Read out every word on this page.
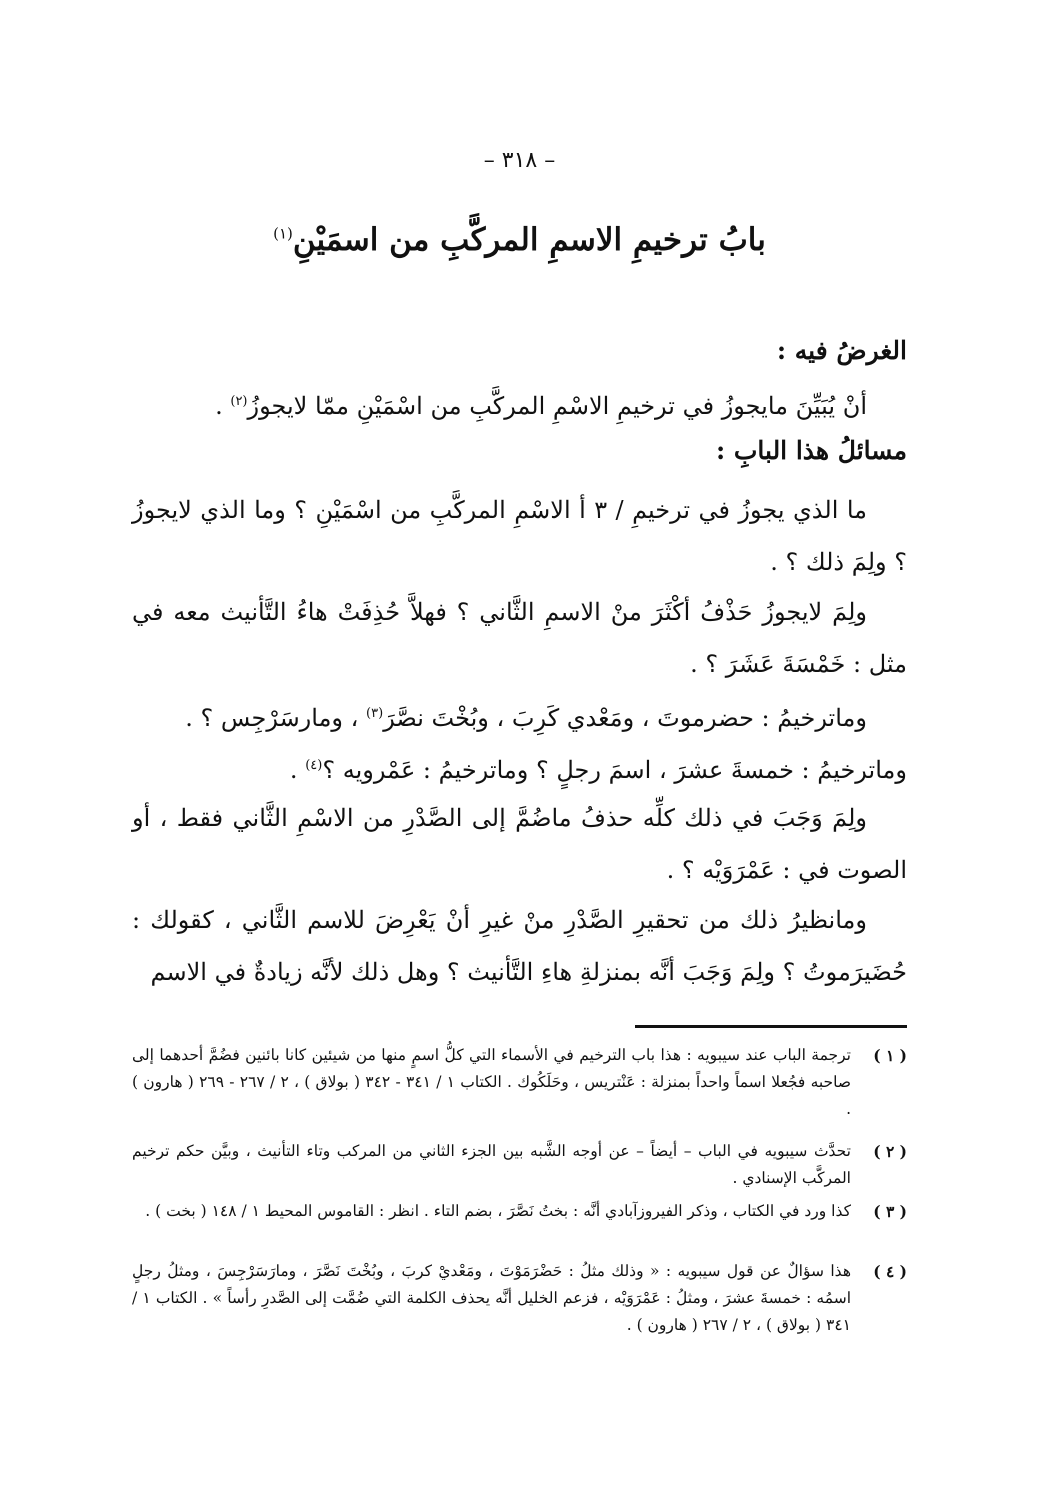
– ٣١٨ –
بابُ ترخيمِ الاسمِ المركَّبِ من اسمَيْنِ$^{(١)}$
الغرضُ فيه :
أنْ يُبَيِّنَ مايجوزُ في ترخيمِ الاسْمِ المركَّبِ من اسْمَيْنِ ممّا لايجوزُ$^{(٢)}$ .
مسائلُ هذا البابِ :
ما الذي يجوزُ في ترخيمِ / ٣ أ الاسْمِ المركَّبِ من اسْمَيْنِ ؟ وما الذي لايجوزُ ؟ ولِمَ ذلك ؟ .
ولِمَ لايجوزُ حَذْفُ أكْثَرَ منْ الاسمِ الثَّاني ؟ فهلاَّ حُذِفَتْ هاءُ التَّأنيث معه في مثل : خَمْسَةَ عَشَرَ ؟ .
وماترخيمُ : حضرموتَ ، ومَعْدي كَرِبَ ، وبُخْتَ نصَّرَ$^{(٣)}$ ، ومارسَرْجِس ؟ .
وماترخيمُ : خمسةَ عشرَ ، اسمَ رجلٍ ؟ وماترخيمُ : عَمْرويه ؟$^{(٤)}$ .
ولِمَ وَجَبَ في ذلك كلِّه حذفُ ماضُمَّ إلى الصَّدْرِ من الاسْمِ الثَّاني فقط ، أو الصوت في : عَمْرَوَيْه ؟ .
ومانظيرُ ذلك من تحقيرِ الصَّدْرِ منْ غيرِ أنْ يَعْرِضَ للاسم الثَّاني ، كقولك : حُضَيرَموتُ ؟ ولِمَ وَجَبَ أنَّه بمنزلةِ هاءِ التَّأنيث ؟ وهل ذلك لأنَّه زيادةٌ في الاسم
( ١ )
ترجمة الباب عند سيبويه : هذا باب الترخيم في الأسماء التي كلُّ اسمٍ منها من شيئين كانا بائنين فضُمَّ أحدهما إلى صاحبه فجُعلا اسماً واحداً بمنزلة : عَنْتريس ، وحَلَكُوك . الكتاب ١ / ٣٤١ - ٣٤٢ ( بولاق ) ، ٢ / ٢٦٧ - ٢٦٩ ( هارون ) .
( ٢ )
تحدَّث سيبويه في الباب – أيضاً – عن أوجه الشَّبه بين الجزء الثاني من المركب وتاء التأنيث ، وبيَّن حكم ترخيم المركَّب الإسنادي .
( ٣ )
كذا ورد في الكتاب ، وذكر الفيروزآبادي أنَّه : بختُ نَصَّرَ ، بضم التاء . انظر : القاموس المحيط ١ / ١٤٨ ( بخت ) .
( ٤ )
هذا سؤالٌ عن قول سيبويه : « وذلك مثلُ : حَضْرَمَوْتَ ، ومَعْديْ كربَ ، وبُخْتَ نَصَّرَ ، ومارَسَرْجِسَ ، ومثلُ رجلٍ اسمُه : خمسةَ عشرَ ، ومثلُ : عَمْرَوَيْه ، فزعم الخليل أنَّه يحذف الكلمة التي ضُمَّت إلى الصَّدرِ رأساً » . الكتاب ١ / ٣٤١ ( بولاق ) ، ٢ / ٢٦٧ ( هارون ) .
